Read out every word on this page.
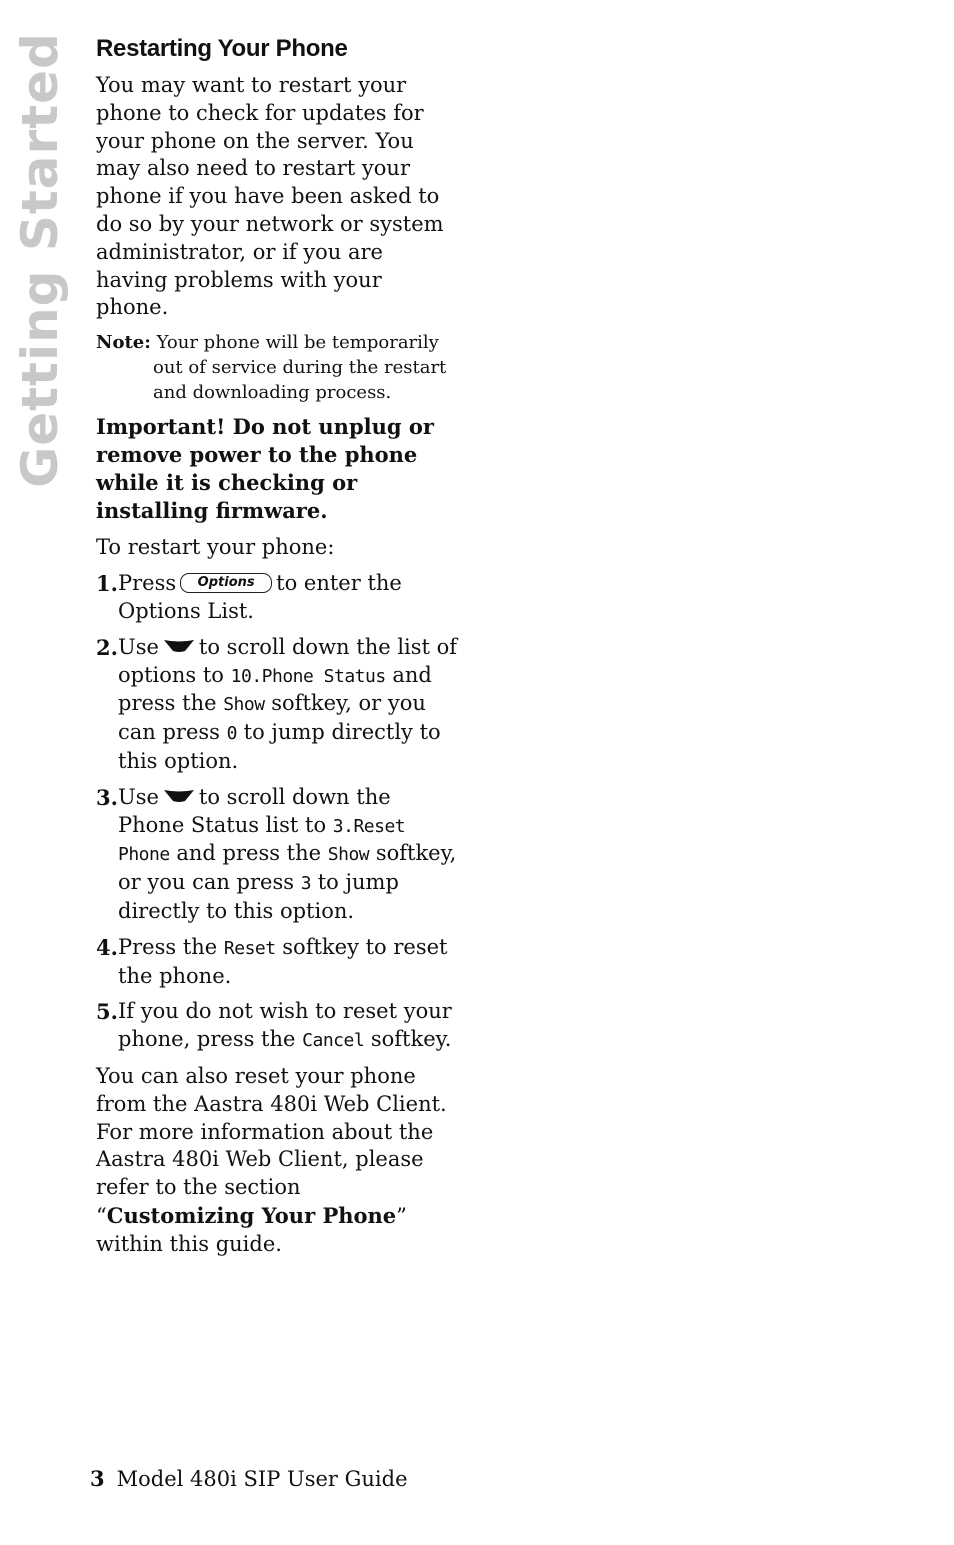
Getting Started Restarting Your Phone

You may want to restart your phone to check for updates for your phone on the server. You may also need to restart your phone if you have been asked to do so by your network or system administrator, or if you are having problems with your phone.

Note: Your phone will be temporarily out of service during the restart and downloading process.

Important! Do not unplug or remove power to the phone while it is checking or installing firmware.

To restart your phone:

1. Press Options to enter the Options List.
2. Use to scroll down the list of options to 10.Phone Status and press the Show softkey, or you can press 0 to jump directly to this option.
3. Use to scroll down the Phone Status list to 3.Reset Phone and press the Show softkey, or you can press 3 to jump directly to this option.
4. Press the Reset softkey to reset the phone.
5. If you do not wish to reset your phone, press the Cancel softkey.

You can also reset your phone from the Aastra 480i Web Client. For more information about the Aastra 480i Web Client, please refer to the section “Customizing Your Phone” within this guide.

3 Model 480i SIP User Guide
